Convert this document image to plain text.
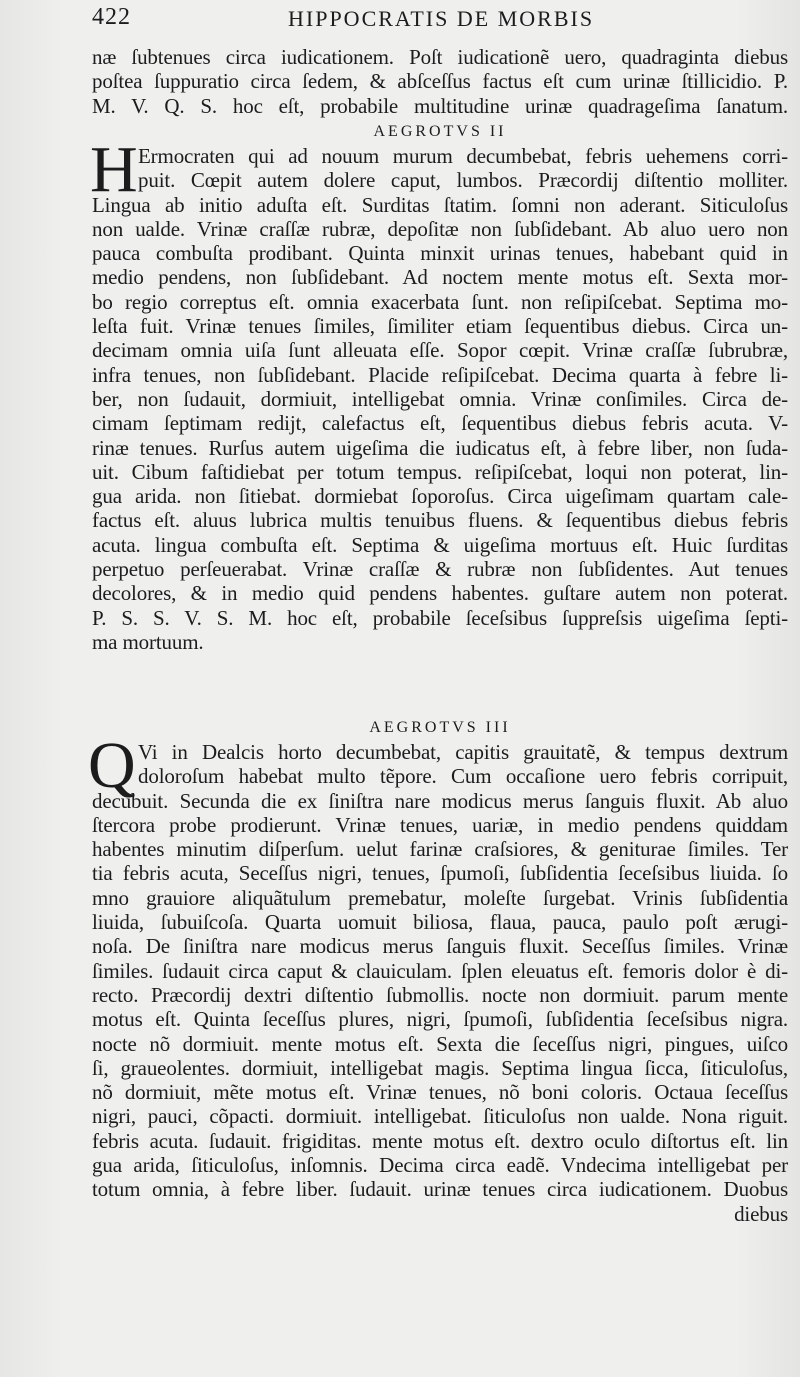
422	HIPPOCRATIS DE MORBIS
næ ſubtenues circa iudicationem. Poſt iudicationẽ uero, quadraginta diebus
poſtea ſuppuratio circa ſedem, & abſceſſus factus eſt cum urinæ ſtillicidio. P.
M. V. Q. S. hoc eſt, probabile multitudine urinæ quadrageſima ſanatum.
AEGROTVS II
H Ermocraten qui ad nouum murum decumbebat, febris uehemens corri-
puit. Cœpit autem dolere caput, lumbos. Præcordij diſtentio molliter.
Lingua ab initio aduſta eſt. Surditas ſtatim. ſomni non aderant. Siticuloſus
non ualde. Vrinæ craſſæ rubræ, depoſitæ non ſubſidebant. Ab aluo uero non
pauca combuſta prodibant. Quinta minxit urinas tenues, habebant quid in
medio pendens, non ſubſidebant. Ad noctem mente motus eſt. Sexta mor-
bo regio correptus eſt. omnia exacerbata ſunt. non reſipiſcebat. Septima mo-
leſta fuit. Vrinæ tenues ſimiles, ſimiliter etiam ſequentibus diebus. Circa un-
decimam omnia uiſa ſunt alleuata eſſe. Sopor cœpit. Vrinæ craſſæ ſubrubræ,
infra tenues, non ſubſidebant. Placide reſipiſcebat. Decima quarta à febre li-
ber, non ſudauit, dormiuit, intelligebat omnia. Vrinæ conſimiles. Circa de-
cimam ſeptimam redijt, calefactus eſt, ſequentibus diebus febris acuta. V-
rinæ tenues. Rurſus autem uigeſima die iudicatus eſt, à febre liber, non ſuda-
uit. Cibum faſtidiebat per totum tempus. reſipiſcebat, loqui non poterat, lin-
gua arida. non ſitiebat. dormiebat ſoporoſus. Circa uigeſimam quartam cale-
factus eſt. aluus lubrica multis tenuibus fluens. & ſequentibus diebus febris
acuta. lingua combuſta eſt. Septima & uigeſima mortuus eſt. Huic ſurditas
perpetuo perſeuerabat. Vrinæ craſſæ & rubræ non ſubſidentes. Aut tenues
decolores, & in medio quid pendens habentes. guſtare autem non poterat.
P. S. S. V. S. M. hoc eſt, probabile ſeceſsibus ſuppreſsis uigeſima ſepti-
ma mortuum.
AEGROTVS III
Q Vi in Dealcis horto decumbebat, capitis grauitatẽ, & tempus dextrum
doloroſum habebat multo tẽpore. Cum occaſione uero febris corripuit,
decubuit. Secunda die ex ſiniſtra nare modicus merus ſanguis fluxit. Ab aluo
ſtercora probe prodierunt. Vrinæ tenues, uariæ, in medio pendens quiddam
habentes minutim diſperſum. uelut farinæ craſsiores, & geniturae ſimiles. Ter
tia febris acuta, Seceſſus nigri, tenues, ſpumoſi, ſubſidentia ſeceſsibus liuida. ſo
mno grauiore aliquãtulum premebatur, moleſte ſurgebat. Vrinis ſubſidentia
liuida, ſubuiſcoſa. Quarta uomuit biliosa, flaua, pauca, paulo poſt ærugi-
noſa. De ſiniſtra nare modicus merus ſanguis fluxit. Seceſſus ſimiles. Vrinæ
ſimiles. ſudauit circa caput & clauiculam. ſplen eleuatus eſt. femoris dolor è di-
recto. Præcordij dextri diſtentio ſubmollis. nocte non dormiuit. parum mente
motus eſt. Quinta ſeceſſus plures, nigri, ſpumoſi, ſubſidentia ſeceſsibus nigra.
nocte nõ dormiuit. mente motus eſt. Sexta die ſeceſſus nigri, pingues, uiſco
ſi, graueolentes. dormiuit, intelligebat magis. Septima lingua ſicca, ſiticuloſus,
nõ dormiuit, mẽte motus eſt. Vrinæ tenues, nõ boni coloris. Octaua ſeceſſus
nigri, pauci, cõpacti. dormiuit. intelligebat. ſiticuloſus non ualde. Nona riguit.
febris acuta. ſudauit. frigiditas. mente motus eſt. dextro oculo diſtortus eſt. lin
gua arida, ſiticuloſus, inſomnis. Decima circa eadẽ. Vndecima intelligebat per
totum omnia, à febre liber. ſudauit. urinæ tenues circa iudicationem. Duobus
diebus
